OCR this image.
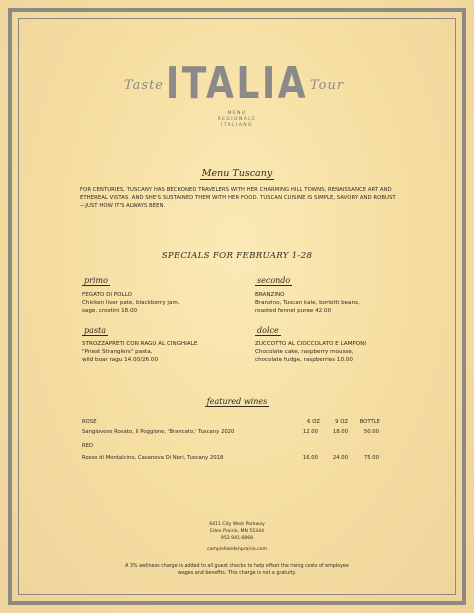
Taste ITALIA Tour
MENU
REGIONALE
ITALIANO
Menu Tuscany
FOR CENTURIES, TUSCANY HAS BECKONED TRAVELERS WITH HER CHARMING HILL TOWNS, RENAISSANCE ART AND ETHEREAL VISTAS. AND SHE'S SUSTAINED THEM WITH HER FOOD. TUSCAN CUISINE IS SIMPLE, SAVORY AND ROBUST—JUST HOW IT'S ALWAYS BEEN.
SPECIALS FOR FEBRUARY 1-28
primo
FEGATO DI POLLO
Chicken liver pate, blackberry jam,
sage, crostini 18.00
secondo
BRANZINO
Branzino, Tuscan kale, borlotti beans,
roasted fennel puree 42.00
pasta
STROZZAPRETI CON RAGU AL CINGHIALE
"Priest Stranglers" pasta,
wild boar ragu 14.00/26.00
dolce
ZUCCOTTO AL CIOCCOLATO E LAMPONI
Chocolate cake, raspberry mousse,
chocolate fudge, raspberries 10.00
featured wines
6 OZ	9 OZ	BOTTLE
ROSE
Sangiovese Rosato, Il Poggione, 'Brancato,' Tuscany 2020	12.00	18.00	50.00
RED
Rosso di Montalcino, Casanova Di Neri, Tuscany 2018	16.00	24.00	75.00
6411 City West Parkway
Eden Prairie, MN 55344
952.941.6868
campielloedenprairie.com
A 3% wellness charge is added to all guest checks to help offset the rising costs of employee wages and benefits. This charge is not a gratuity.
